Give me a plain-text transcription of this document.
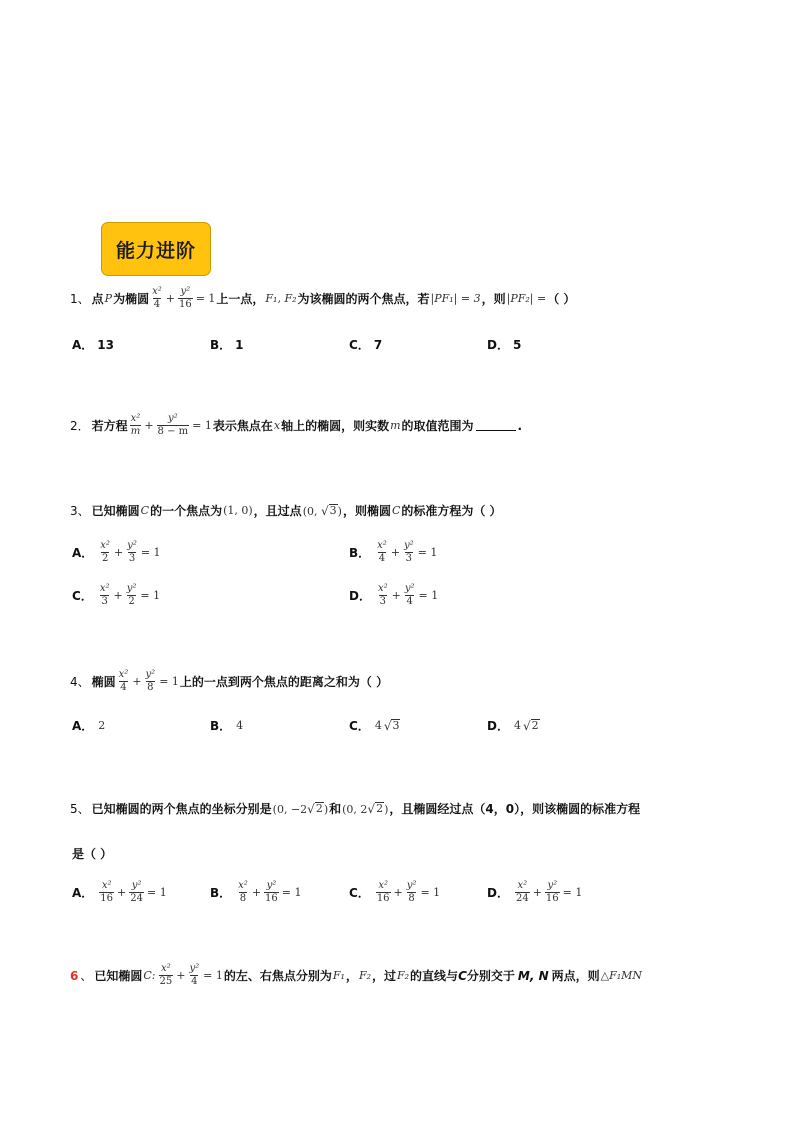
能力进阶
1、 点 P 为椭圆 $\frac{\text{x²}}{4} + \frac{\text{y²}}{16} = 1$ 上一点， F₁, F₂ 为该椭圆的两个焦点，若 |PF₁| = 3 ，则 |PF₂| = （ ）
A． 13	B． 1	C． 7	D． 5
2． 若方程 $\frac{\text{x²}}{m} + \frac{\text{y²}}{8 - m} = 1$ 表示焦点在 x 轴上的椭圆，则实数 m 的取值范围为	.
3、 已知椭圆 C 的一个焦点为 (1, 0) ，且过点 (0, √ 3 ) ，则椭圆 C 的标准方程为（ ）
A． $\frac{\text{x²}}{2} + \frac{\text{y²}}{3} = 1$	B． $\frac{\text{x²}}{4} + \frac{\text{y²}}{3} = 1$
C． $\frac{\text{x²}}{3} + \frac{\text{y²}}{2} = 1$	D． $\frac{\text{x²}}{3} + \frac{\text{y²}}{4} = 1$
4、 椭圆 $\frac{\text{x²}}{4} + \frac{\text{y²}}{8} = 1$ 上的一点到两个焦点的距离之和为（ ）
A． 2	B． 4	C． 4 √ 3	D． 4 √ 2
5、 已知椭圆的两个焦点的坐标分别是 (0, −2 √ 2 ) 和 (0, 2 √ 2 ) ，且椭圆经过点（4，0），则该椭圆的标准方程
是（ ）
A． $\frac{\text{x²}}{16} + \frac{\text{y²}}{24} = 1$	B． $\frac{\text{x²}}{8} + \frac{\text{y²}}{16} = 1$	C． $\frac{\text{x²}}{16} + \frac{\text{y²}}{8} = 1$	D． $\frac{\text{x²}}{24} + \frac{\text{y²}}{16} = 1$
6 、 已知椭圆 C: $\frac{\text{x²}}{25} + \frac{\text{y²}}{4} = 1$ 的左、右焦点分别为 F₁ ， F₂ ，过 F₂ 的直线与 C 分别交于 M, N 两点，则 △F₁MN
